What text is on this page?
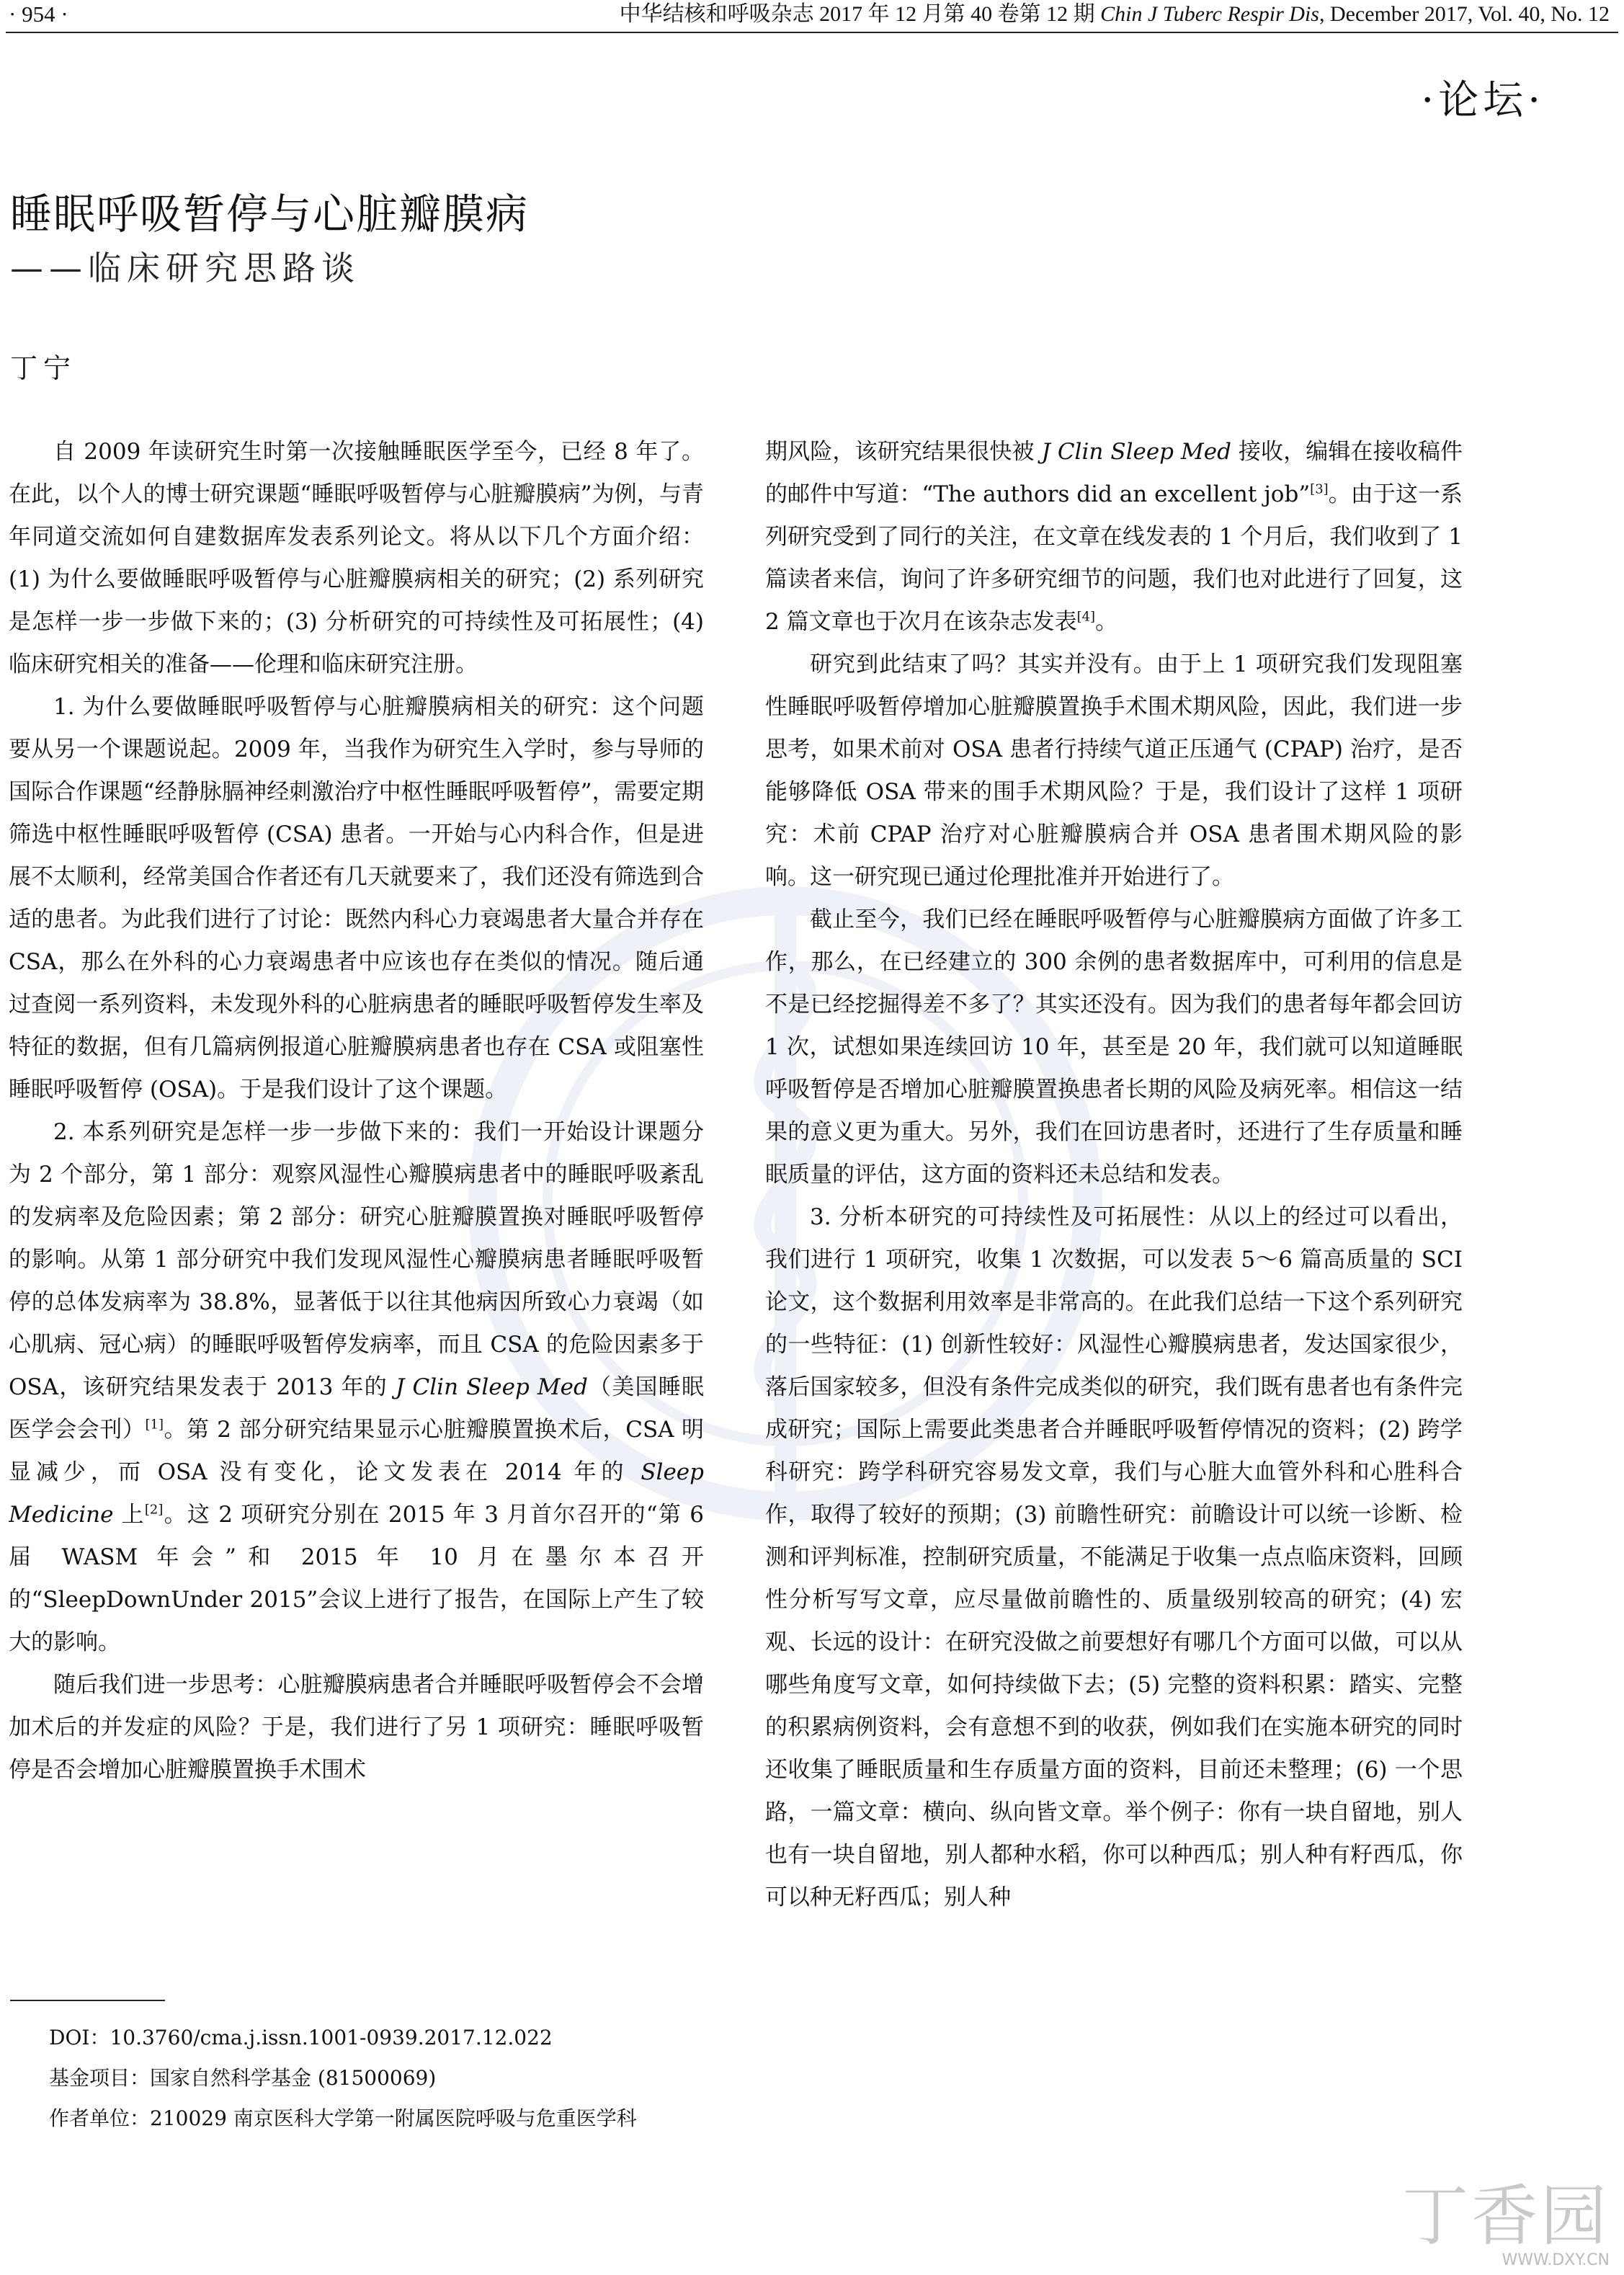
· 954 ·	中华结核和呼吸杂志 2017 年 12 月第 40 卷第 12 期 Chin J Tuberc Respir Dis, December 2017, Vol. 40, No. 12
·论坛·
睡眠呼吸暂停与心脏瓣膜病
——临床研究思路谈
丁宁

自 2009 年读研究生时第一次接触睡眠医学至今，已经 8 年了。在此，以个人的博士研究课题“睡眠呼吸暂停与心脏瓣膜病”为例，与青年同道交流如何自建数据库发表系列论文。将从以下几个方面介绍：(1) 为什么要做睡眠呼吸暂停与心脏瓣膜病相关的研究；(2) 系列研究是怎样一步一步做下来的；(3) 分析研究的可持续性及可拓展性；(4) 临床研究相关的准备——伦理和临床研究注册。

1. 为什么要做睡眠呼吸暂停与心脏瓣膜病相关的研究：这个问题要从另一个课题说起。2009 年，当我作为研究生入学时，参与导师的国际合作课题“经静脉膈神经刺激治疗中枢性睡眠呼吸暂停”，需要定期筛选中枢性睡眠呼吸暂停 (CSA) 患者。一开始与心内科合作，但是进展不太顺利，经常美国合作者还有几天就要来了，我们还没有筛选到合适的患者。为此我们进行了讨论：既然内科心力衰竭患者大量合并存在 CSA，那么在外科的心力衰竭患者中应该也存在类似的情况。随后通过查阅一系列资料，未发现外科的心脏病患者的睡眠呼吸暂停发生率及特征的数据，但有几篇病例报道心脏瓣膜病患者也存在 CSA 或阻塞性睡眠呼吸暂停 (OSA)。于是我们设计了这个课题。

2. 本系列研究是怎样一步一步做下来的：我们一开始设计课题分为 2 个部分，第 1 部分：观察风湿性心瓣膜病患者中的睡眠呼吸紊乱的发病率及危险因素；第 2 部分：研究心脏瓣膜置换对睡眠呼吸暂停的影响。从第 1 部分研究中我们发现风湿性心瓣膜病患者睡眠呼吸暂停的总体发病率为 38.8%，显著低于以往其他病因所致心力衰竭（如心肌病、冠心病）的睡眠呼吸暂停发病率，而且 CSA 的危险因素多于 OSA，该研究结果发表于 2013 年的 J Clin Sleep Med（美国睡眠医学会会刊）[1]。第 2 部分研究结果显示心脏瓣膜置换术后，CSA 明显减少，而 OSA 没有变化，论文发表在 2014 年的 Sleep Medicine 上[2]。这 2 项研究分别在 2015 年 3 月首尔召开的“第 6 届 WASM 年会”和 2015 年 10 月在墨尔本召开的“SleepDownUnder 2015”会议上进行了报告，在国际上产生了较大的影响。

随后我们进一步思考：心脏瓣膜病患者合并睡眠呼吸暂停会不会增加术后的并发症的风险？于是，我们进行了另 1 项研究：睡眠呼吸暂停是否会增加心脏瓣膜置换手术围术

DOI：10.3760/cma.j.issn.1001-0939.2017.12.022
基金项目：国家自然科学基金 (81500069)
作者单位：210029 南京医科大学第一附属医院呼吸与危重医学科

期风险，该研究结果很快被 J Clin Sleep Med 接收，编辑在接收稿件的邮件中写道：“The authors did an excellent job”[3]。由于这一系列研究受到了同行的关注，在文章在线发表的 1 个月后，我们收到了 1 篇读者来信，询问了许多研究细节的问题，我们也对此进行了回复，这 2 篇文章也于次月在该杂志发表[4]。

研究到此结束了吗？其实并没有。由于上 1 项研究我们发现阻塞性睡眠呼吸暂停增加心脏瓣膜置换手术围术期风险，因此，我们进一步思考，如果术前对 OSA 患者行持续气道正压通气 (CPAP) 治疗，是否能够降低 OSA 带来的围手术期风险？于是，我们设计了这样 1 项研究：术前 CPAP 治疗对心脏瓣膜病合并 OSA 患者围术期风险的影响。这一研究现已通过伦理批准并开始进行了。

截止至今，我们已经在睡眠呼吸暂停与心脏瓣膜病方面做了许多工作，那么，在已经建立的 300 余例的患者数据库中，可利用的信息是不是已经挖掘得差不多了？其实还没有。因为我们的患者每年都会回访 1 次，试想如果连续回访 10 年，甚至是 20 年，我们就可以知道睡眠呼吸暂停是否增加心脏瓣膜置换患者长期的风险及病死率。相信这一结果的意义更为重大。另外，我们在回访患者时，还进行了生存质量和睡眠质量的评估，这方面的资料还未总结和发表。

3. 分析本研究的可持续性及可拓展性：从以上的经过可以看出，我们进行 1 项研究，收集 1 次数据，可以发表 5～6 篇高质量的 SCI 论文，这个数据利用效率是非常高的。在此我们总结一下这个系列研究的一些特征：(1) 创新性较好：风湿性心瓣膜病患者，发达国家很少，落后国家较多，但没有条件完成类似的研究，我们既有患者也有条件完成研究；国际上需要此类患者合并睡眠呼吸暂停情况的资料；(2) 跨学科研究：跨学科研究容易发文章，我们与心脏大血管外科和心胜科合作，取得了较好的预期；(3) 前瞻性研究：前瞻设计可以统一诊断、检测和评判标准，控制研究质量，不能满足于收集一点点临床资料，回顾性分析写写文章，应尽量做前瞻性的、质量级别较高的研究；(4) 宏观、长远的设计：在研究没做之前要想好有哪几个方面可以做，可以从哪些角度写文章，如何持续做下去；(5) 完整的资料积累：踏实、完整的积累病例资料，会有意想不到的收获，例如我们在实施本研究的同时还收集了睡眠质量和生存质量方面的资料，目前还未整理；(6) 一个思路，一篇文章：横向、纵向皆文章。举个例子：你有一块自留地，别人也有一块自留地，别人都种水稻，你可以种西瓜；别人种有籽西瓜，你可以种无籽西瓜；别人种

丁香园
WWW.DXY.CN
